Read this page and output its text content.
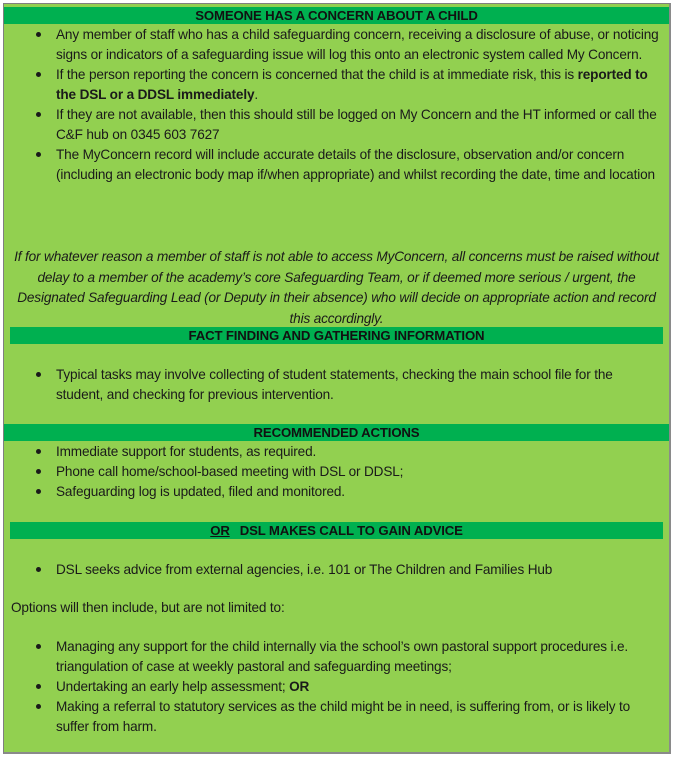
SOMEONE HAS A CONCERN ABOUT A CHILD
Any member of staff who has a child safeguarding concern, receiving a disclosure of abuse, or noticing signs or indicators of a safeguarding issue will log this onto an electronic system called My Concern.
If the person reporting the concern is concerned that the child is at immediate risk, this is reported to the DSL or a DDSL immediately.
If they are not available, then this should still be logged on My Concern and the HT informed or call the C&F hub on 0345 603 7627
The MyConcern record will include accurate details of the disclosure, observation and/or concern (including an electronic body map if/when appropriate) and whilst recording the date, time and location
If for whatever reason a member of staff is not able to access MyConcern, all concerns must be raised without delay to a member of the academy’s core Safeguarding Team, or if deemed more serious / urgent, the Designated Safeguarding Lead (or Deputy in their absence) who will decide on appropriate action and record this accordingly.
FACT FINDING AND GATHERING INFORMATION
Typical tasks may involve collecting of student statements, checking the main school file for the student, and checking for previous intervention.
RECOMMENDED ACTIONS
Immediate support for students, as required.
Phone call home/school-based meeting with DSL or DDSL;
Safeguarding log is updated, filed and monitored.
OR DSL MAKES CALL TO GAIN ADVICE
DSL seeks advice from external agencies, i.e. 101 or The Children and Families Hub
Options will then include, but are not limited to:
Managing any support for the child internally via the school’s own pastoral support procedures i.e. triangulation of case at weekly pastoral and safeguarding meetings;
Undertaking an early help assessment; OR
Making a referral to statutory services as the child might be in need, is suffering from, or is likely to suffer from harm.
